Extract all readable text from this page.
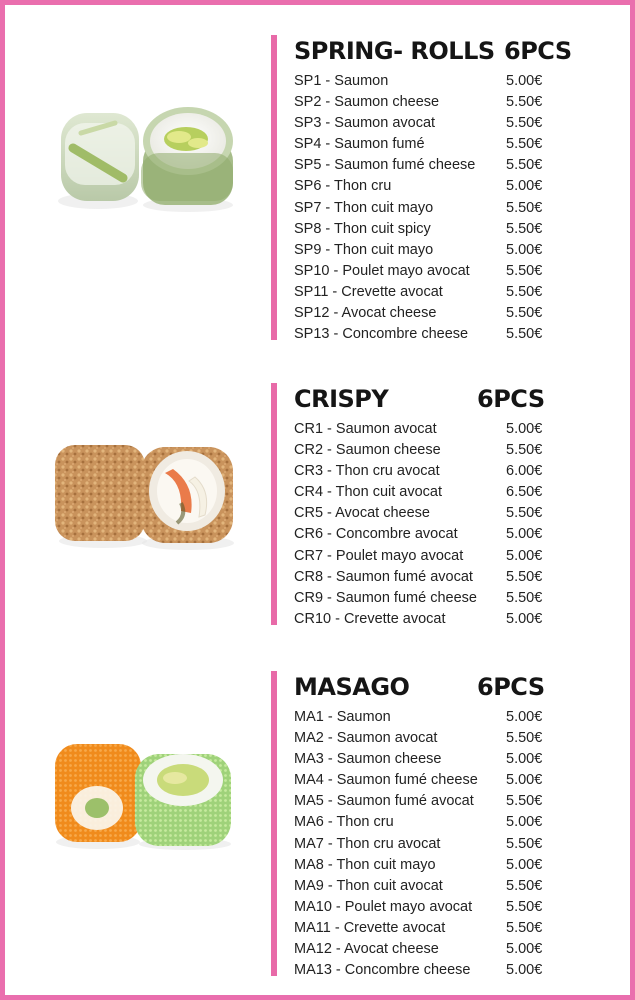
SPRING- ROLLS 6PCS
SP1 - Saumon	5.00€
SP2 - Saumon cheese	5.50€
SP3 - Saumon avocat	5.50€
SP4 - Saumon fumé	5.50€
SP5 - Saumon fumé cheese 5.50€
SP6 - Thon cru	5.00€
SP7 - Thon cuit mayo	5.50€
SP8 - Thon cuit spicy	5.50€
SP9 - Thon cuit mayo	5.00€
SP10 - Poulet mayo avocat	5.50€
SP11 - Crevette avocat	5.50€
SP12 - Avocat cheese	5.50€
SP13 - Concombre cheese	5.50€
CRISPY	6PCS
CR1 - Saumon avocat	5.00€
CR2 - Saumon cheese	5.50€
CR3 - Thon cru avocat	6.00€
CR4 - Thon cuit avocat	6.50€
CR5 - Avocat cheese	5.50€
CR6 - Concombre avocat	5.00€
CR7 - Poulet mayo avocat	5.00€
CR8 - Saumon fumé avocat 5.50€
CR9 - Saumon fumé cheese 5.50€
CR10 - Crevette avocat	5.00€
MASAGO	6PCS
MA1 - Saumon	5.00€
MA2 - Saumon avocat	5.50€
MA3 - Saumon cheese	5.00€
MA4 - Saumon fumé cheese 5.00€
MA5 - Saumon fumé avocat 5.50€
MA6 - Thon cru	5.00€
MA7 - Thon cru avocat	5.50€
MA8 - Thon cuit mayo	5.00€
MA9 - Thon cuit avocat	5.50€
MA10 - Poulet mayo avocat 5.50€
MA11 - Crevette avocat	5.50€
MA12 - Avocat cheese	5.00€
MA13 - Concombre cheese 5.00€
